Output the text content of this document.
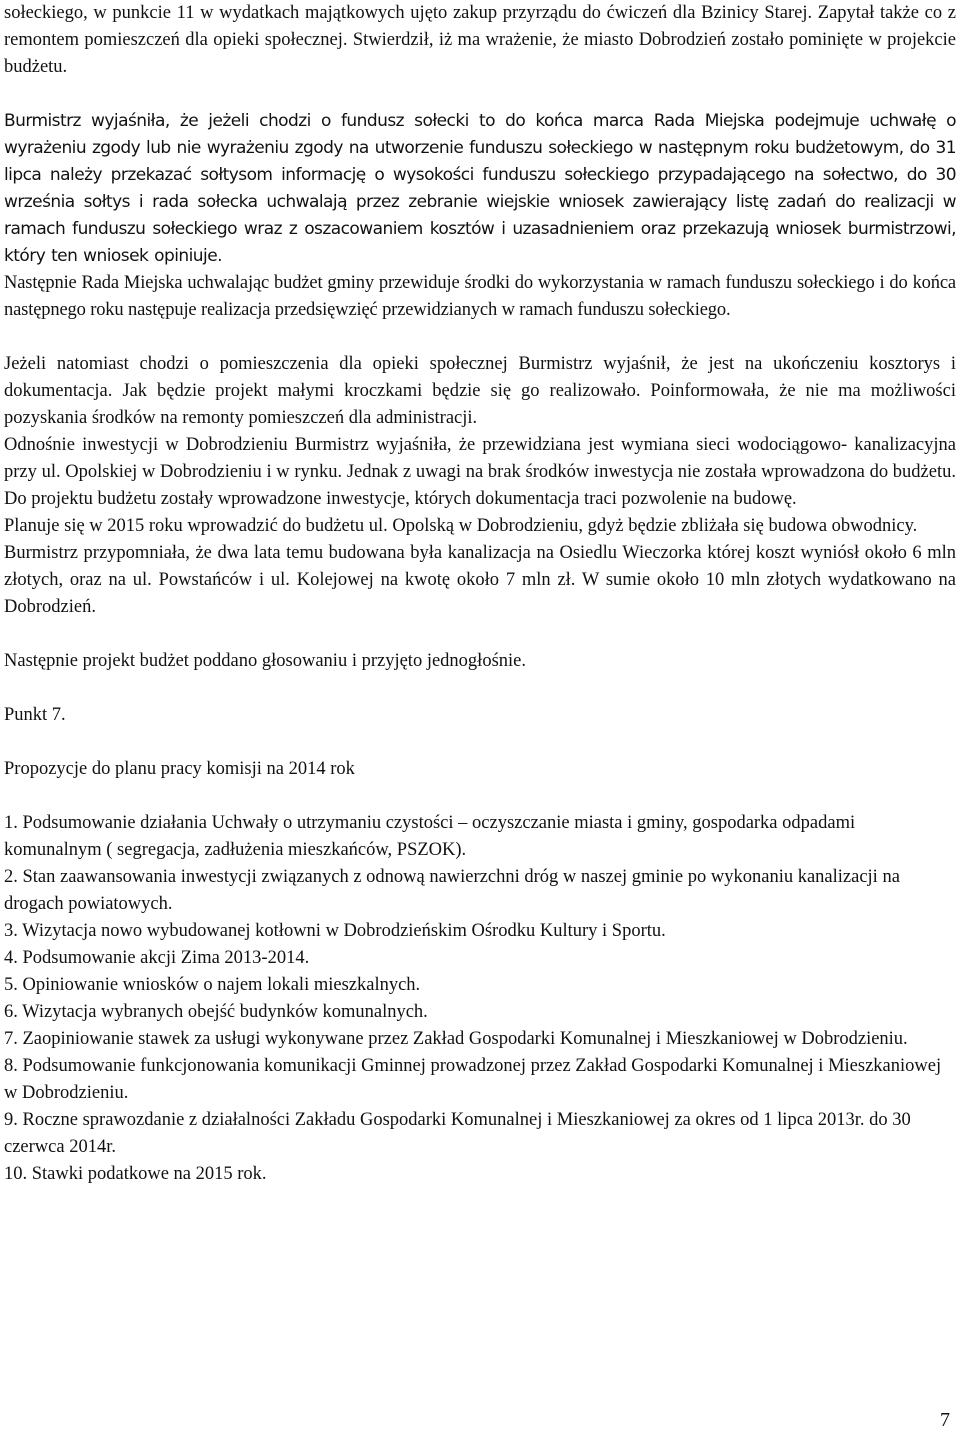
sołeckiego, w punkcie 11 w wydatkach majątkowych ujęto zakup przyrządu do ćwiczeń dla Bzinicy Starej. Zapytał także co z remontem pomieszczeń dla opieki społecznej. Stwierdził, iż ma wrażenie, że miasto Dobrodzień zostało pominięte w projekcie budżetu.

Burmistrz wyjaśniła, że jeżeli chodzi o fundusz sołecki to do końca marca Rada Miejska podejmuje uchwałę o wyrażeniu zgody lub nie wyrażeniu zgody na utworzenie funduszu sołeckiego w następnym roku budżetowym, do 31 lipca należy przekazać sołtysom informację o wysokości funduszu sołeckiego przypadającego na sołectwo, do 30 września sołtys i rada sołecka uchwalają przez zebranie wiejskie wniosek zawierający listę zadań do realizacji w ramach funduszu sołeckiego wraz z oszacowaniem kosztów i uzasadnieniem oraz przekazują wniosek burmistrzowi, który ten wniosek opiniuje.

Następnie Rada Miejska uchwalając budżet gminy przewiduje środki do wykorzystania w ramach funduszu sołeckiego i do końca następnego roku następuje realizacja przedsięwzięć przewidzianych w ramach funduszu sołeckiego.

Jeżeli natomiast chodzi o pomieszczenia dla opieki społecznej Burmistrz wyjaśnił, że jest na ukończeniu kosztorys i dokumentacja. Jak będzie projekt małymi kroczkami będzie się go realizowało. Poinformowała, że nie ma możliwości pozyskania środków na remonty pomieszczeń dla administracji.

Odnośnie inwestycji w Dobrodzieniu Burmistrz wyjaśniła, że przewidziana jest wymiana sieci wodociągowo- kanalizacyjna przy ul. Opolskiej w Dobrodzieniu i w rynku. Jednak z uwagi na brak środków inwestycja nie została wprowadzona do budżetu. Do projektu budżetu zostały wprowadzone inwestycje, których dokumentacja traci pozwolenie na budowę.

Planuje się w 2015 roku wprowadzić do budżetu ul. Opolską w Dobrodzieniu, gdyż będzie zbliżała się budowa obwodnicy.

Burmistrz przypomniała, że dwa lata temu budowana była kanalizacja na Osiedlu Wieczorka której koszt wyniósł około 6 mln złotych, oraz na ul. Powstańców i ul. Kolejowej na kwotę około 7 mln zł. W sumie około 10 mln złotych wydatkowano na Dobrodzień.

Następnie projekt budżet poddano głosowaniu i przyjęto jednogłośnie.

Punkt 7.

Propozycje do planu pracy komisji na 2014 rok

1. Podsumowanie działania Uchwały o utrzymaniu czystości – oczyszczanie miasta i gminy, gospodarka odpadami komunalnym ( segregacja, zadłużenia mieszkańców, PSZOK).

2. Stan zaawansowania inwestycji związanych z odnową nawierzchni dróg w naszej gminie po wykonaniu kanalizacji na drogach powiatowych.

3. Wizytacja nowo wybudowanej kotłowni w Dobrodzieńskim Ośrodku Kultury i Sportu.

4. Podsumowanie akcji Zima 2013-2014.

5. Opiniowanie wniosków o najem lokali mieszkalnych.

6. Wizytacja wybranych obejść budynków komunalnych.

7. Zaopiniowanie stawek za usługi wykonywane przez Zakład Gospodarki Komunalnej i Mieszkaniowej w Dobrodzieniu.

8. Podsumowanie funkcjonowania komunikacji Gminnej prowadzonej przez Zakład Gospodarki Komunalnej i Mieszkaniowej w Dobrodzieniu.

9. Roczne sprawozdanie z działalności Zakładu Gospodarki Komunalnej i Mieszkaniowej za okres od 1 lipca 2013r. do 30 czerwca 2014r.

10. Stawki podatkowe na 2015 rok.

7
